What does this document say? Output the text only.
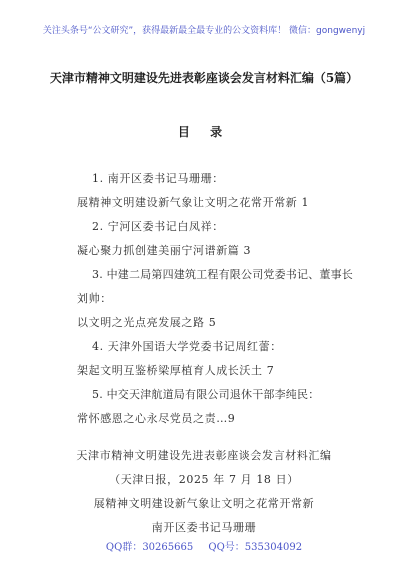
关注头条号“公文研究”，获得最新最全最专业的公文资料库！ 微信：gongwenyj
天津市精神文明建设先进表彰座谈会发言材料汇编（5篇）
目 录
1. 南开区委书记马珊珊：
展精神文明建设新气象让文明之花常开常新 1
2. 宁河区委书记白凤祥：
凝心聚力抓创建美丽宁河谱新篇 3
3. 中建二局第四建筑工程有限公司党委书记、董事长
刘帅：
以文明之光点亮发展之路 5
4. 天津外国语大学党委书记周红蕾：
架起文明互鉴桥梁厚植育人成长沃土 7
5. 中交天津航道局有限公司退休干部李纯民：
常怀感恩之心永尽党员之责…9
天津市精神文明建设先进表彰座谈会发言材料汇编
（天津日报，2025 年 7 月 18 日）
展精神文明建设新气象让文明之花常开常新
南开区委书记马珊珊
QQ群：30265665 QQ号：535304092
